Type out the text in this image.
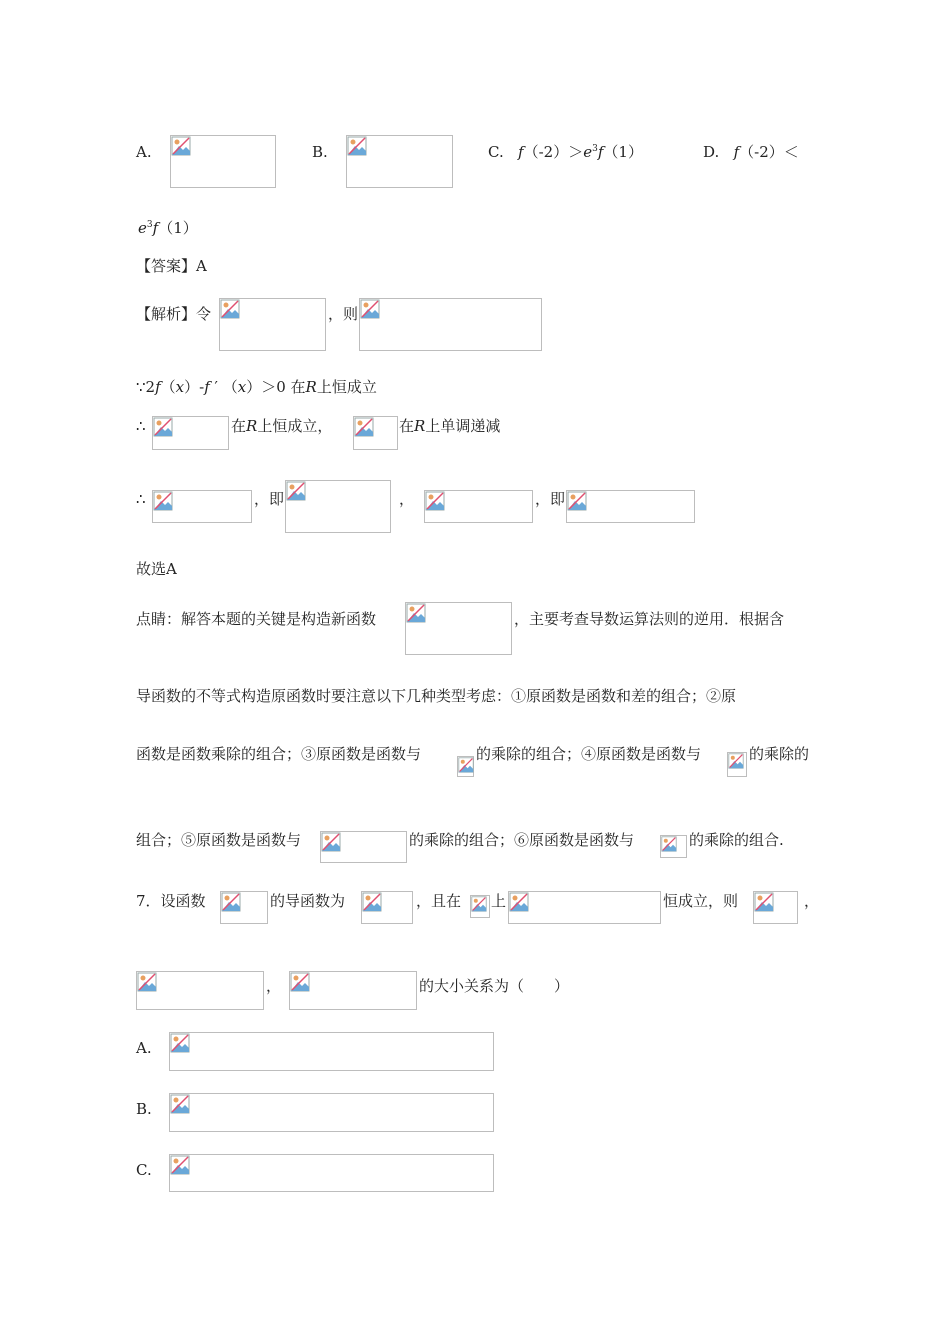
A.	B.	C. $f(-2)>e^3f(1)$	D. f（-2）＜
$e^3f(1)$
【答案】A
【解析】令	，则
∵2f（x）-f ′ （x）＞0 在R上恒成立
∴	在R上恒成立，	在R上单调递减
∴	，即	，	，即
故选A
点睛：解答本题的关键是构造新函数	，主要考查导数运算法则的逆用．根据含
导函数的不等式构造原函数时要注意以下几种类型考虑：①原函数是函数和差的组合；②原
函数是函数乘除的组合；③原函数是函数与	的乘除的组合；④原函数是函数与	的乘除的
组合；⑤原函数是函数与	的乘除的组合；⑥原函数是函数与	的乘除的组合.
7．设函数	的导函数为	，且在 上	恒成立，则	，
，	的大小关系为（　　）
A.
B.
C.
